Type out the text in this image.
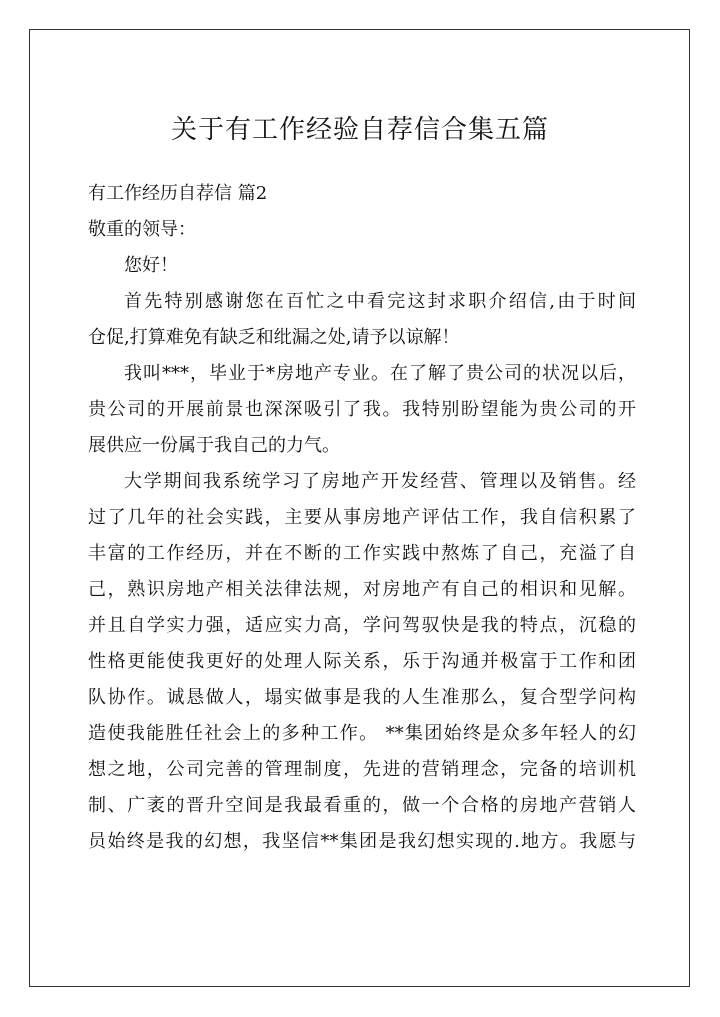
关于有工作经验自荐信合集五篇
有工作经历自荐信 篇2
敬重的领导：
您好！
首先特别感谢您在百忙之中看完这封求职介绍信,由于时间
仓促,打算难免有缺乏和纰漏之处,请予以谅解！
我叫***，毕业于*房地产专业。在了解了贵公司的状况以后，
贵公司的开展前景也深深吸引了我。我特别盼望能为贵公司的开
展供应一份属于我自己的力气。
大学期间我系统学习了房地产开发经营、管理以及销售。经
过了几年的社会实践，主要从事房地产评估工作，我自信积累了
丰富的工作经历，并在不断的工作实践中熬炼了自己，充溢了自
己，熟识房地产相关法律法规，对房地产有自己的相识和见解。
并且自学实力强，适应实力高，学问驾驭快是我的特点，沉稳的
性格更能使我更好的处理人际关系，乐于沟通并极富于工作和团
队协作。诚恳做人，塌实做事是我的人生准那么，复合型学问构
造使我能胜任社会上的多种工作。 **集团始终是众多年轻人的幻
想之地，公司完善的管理制度，先进的营销理念，完备的培训机
制、广袤的晋升空间是我最看重的，做一个合格的房地产营销人
员始终是我的幻想，我坚信**集团是我幻想实现的.地方。我愿与
